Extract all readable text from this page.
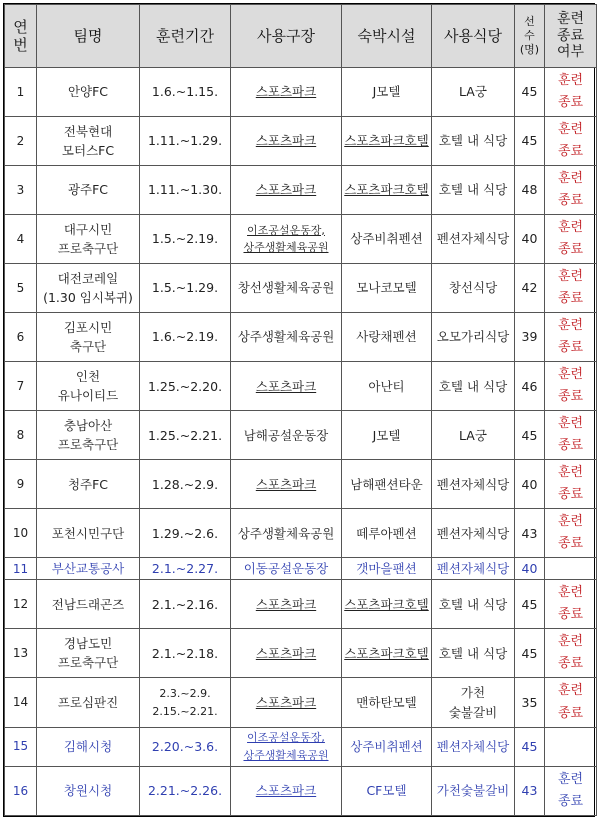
연
번	팀명	훈련기간	사용구장	숙박시설	사용식당	선
수
(명)	훈련
종료
여부

1	안양FC	1.6.~1.15.	스포츠파크	J모텔	LA궁	45	훈련
종료

2	전북현대
모터스FC	1.11.~1.29.	스포츠파크	스포츠파크호텔	호텔 내 식당	45	훈련
종료

3	광주FC	1.11.~1.30.	스포츠파크	스포츠파크호텔	호텔 내 식당	48	훈련
종료

4	대구시민
프로축구단	1.5.~2.19.	이조공설운동장,
상주생활체육공원	상주비취펜션	펜션자체식당	40	훈련
종료

5	대전코레일
(1.30 임시복귀)	1.5.~1.29.	창선생활체육공원	모나코모텔	창선식당	42	훈련
종료

6	김포시민
축구단	1.6.~2.19.	상주생활체육공원	사랑채펜션	오모가리식당	39	훈련
종료

7	인천
유나이티드	1.25.~2.20.	스포츠파크	아난티	호텔 내 식당	46	훈련
종료

8	충남아산
프로축구단	1.25.~2.21.	남해공설운동장	J모텔	LA궁	45	훈련
종료

9	청주FC	1.28.~2.9.	스포츠파크	남해팬션타운	펜션자체식당	40	훈련
종료

10	포천시민구단	1.29.~2.6.	상주생활체육공원	떼루아펜션	펜션자체식당	43	훈련
종료

11	부산교통공사	2.1.~2.27.	이동공설운동장	갯마을팬션	펜션자체식당	40	

12	전남드래곤즈	2.1.~2.16.	스포츠파크	스포츠파크호텔	호텔 내 식당	45	훈련
종료

13	경남도민
프로축구단	2.1.~2.18.	스포츠파크	스포츠파크호텔	호텔 내 식당	45	훈련
종료

14	프로심판진	2.3.~2.9.
2.15.~2.21.	스포츠파크	맨하탄모텔	가천
숯불갈비	35	훈련
종료

15	김해시청	2.20.~3.6.	이조공설운동장,
상주생활체육공원	상주비취펜션	펜션자체식당	45	

16	창원시청	2.21.~2.26.	스포츠파크	CF모텔	가천숯불갈비	43	훈련
종료
